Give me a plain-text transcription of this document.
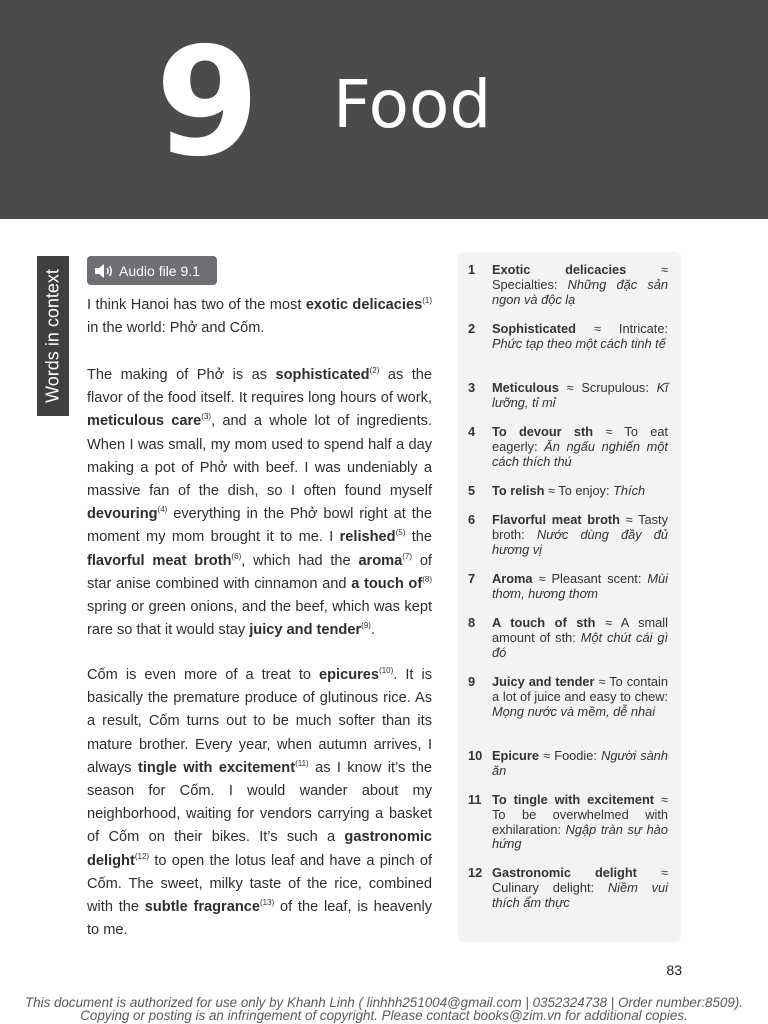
9 Food
Words in context	Audio file 9.1
I think Hanoi has two of the most exotic delicacies$^{(1)}$ in the world: Phở and Cốm.
The making of Phở is as sophisticated$^{(2)}$ as the flavor of the food itself. It requires long hours of work, meticulous care$^{(3)}$, and a whole lot of ingredients. When I was small, my mom used to spend half a day making a pot of Phở with beef. I was undeniably a massive fan of the dish, so I often found myself devouring$^{(4)}$ everything in the Phở bowl right at the moment my mom brought it to me. I relished$^{(5)}$ the flavorful meat broth$^{(6)}$, which had the aroma$^{(7)}$ of star anise combined with cinnamon and a touch $of^{(8)}$ spring or green onions, and the beef, which was kept rare so that it would stay juicy and tender$^{(9)}$.
Cốm is even more of a treat to epicures$^{(10)}$. It is basically the premature produce of glutinous rice. As a result, Cốm turns out to be much softer than its mature brother. Every year, when autumn arrives, I always tingle with excitement$^{(11)}$ as I know it’s the season for Cốm. I would wander about my neighborhood, waiting for vendors carrying a basket of Cốm on their bikes. It’s such a gastronomic delight$^{(12)}$ to open the lotus leaf and have a pinch of Cốm. The sweet, milky taste of the rice, combined with the subtle fragrance$^{(13)}$ of the leaf, is heavenly to me.
1	Exotic delicacies ≈ Specialties: Những đặc sản ngon và độc lạ
2	Sophisticated ≈ Intricate: Phức tạp theo một cách tinh tế
3	Meticulous ≈ Scrupulous: Kĩ lưỡng, tỉ mỉ
4	To devour sth ≈ To eat eagerly: Ăn ngấu nghiến một cách thích thú
5	To relish ≈ To enjoy: Thích
6	Flavorful meat broth ≈ Tasty broth: Nước dùng đầy đủ hương vị
7	Aroma ≈ Pleasant scent: Mùi thơm, hương thơm
8	A touch of sth ≈ A small amount of sth: Một chút cái gì đó
9	Juicy and tender ≈ To contain a lot of juice and easy to chew: Mọng nước và mềm, dễ nhai
10 Epicure ≈ Foodie: Người sành ăn
11 To tingle with excitement ≈ To be overwhelmed with exhilaration: Ngập tràn sự hào hứng
12 Gastronomic delight ≈ Culinary delight: Niềm vui thích ẩm thực
83
This document is authorized for use only by Khanh Linh ( linhhh251004@gmail.com | 0352324738 | Order number:8509).
Copying or posting is an infringement of copyright. Please contact books@zim.vn for additional copies.
